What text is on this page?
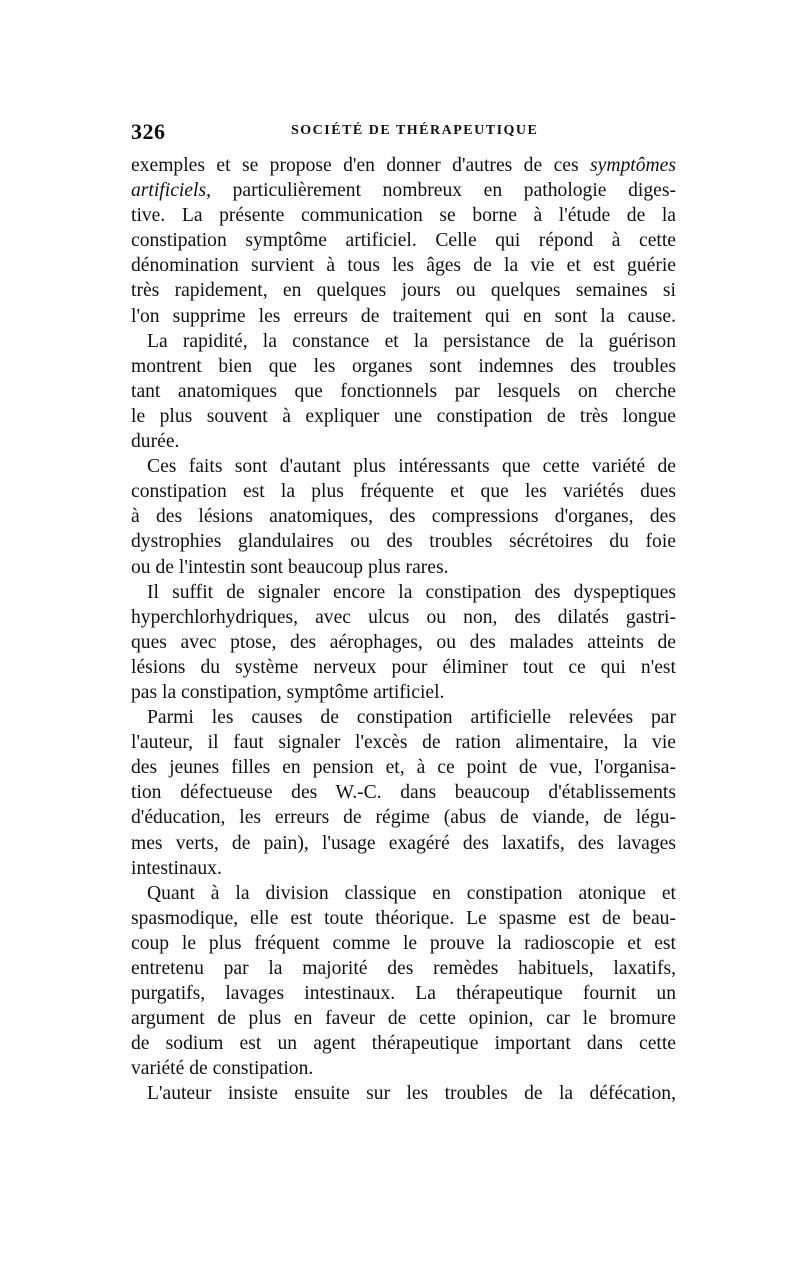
326	SOCIÉTÉ DE THÉRAPEUTIQUE
exemples et se propose d'en donner d'autres de ces symptômes
artificiels, particulièrement nombreux en pathologie diges-
tive. La présente communication se borne à l'étude de la
constipation symptôme artificiel. Celle qui répond à cette
dénomination survient à tous les âges de la vie et est guérie
très rapidement, en quelques jours ou quelques semaines si
l'on supprime les erreurs de traitement qui en sont la cause.
La rapidité, la constance et la persistance de la guérison
montrent bien que les organes sont indemnes des troubles
tant anatomiques que fonctionnels par lesquels on cherche
le plus souvent à expliquer une constipation de très longue
durée.
Ces faits sont d'autant plus intéressants que cette variété de
constipation est la plus fréquente et que les variétés dues
à des lésions anatomiques, des compressions d'organes, des
dystrophies glandulaires ou des troubles sécrétoires du foie
ou de l'intestin sont beaucoup plus rares.
Il suffit de signaler encore la constipation des dyspeptiques
hyperchlorhydriques, avec ulcus ou non, des dilatés gastri-
ques avec ptose, des aérophages, ou des malades atteints de
lésions du système nerveux pour éliminer tout ce qui n'est
pas la constipation, symptôme artificiel.
Parmi les causes de constipation artificielle relevées par
l'auteur, il faut signaler l'excès de ration alimentaire, la vie
des jeunes filles en pension et, à ce point de vue, l'organisa-
tion défectueuse des W.-C. dans beaucoup d'établissements
d'éducation, les erreurs de régime (abus de viande, de légu-
mes verts, de pain), l'usage exagéré des laxatifs, des lavages
intestinaux.
Quant à la division classique en constipation atonique et
spasmodique, elle est toute théorique. Le spasme est de beau-
coup le plus fréquent comme le prouve la radioscopie et est
entretenu par la majorité des remèdes habituels, laxatifs,
purgatifs, lavages intestinaux. La thérapeutique fournit un
argument de plus en faveur de cette opinion, car le bromure
de sodium est un agent thérapeutique important dans cette
variété de constipation.
L'auteur insiste ensuite sur les troubles de la défécation,
